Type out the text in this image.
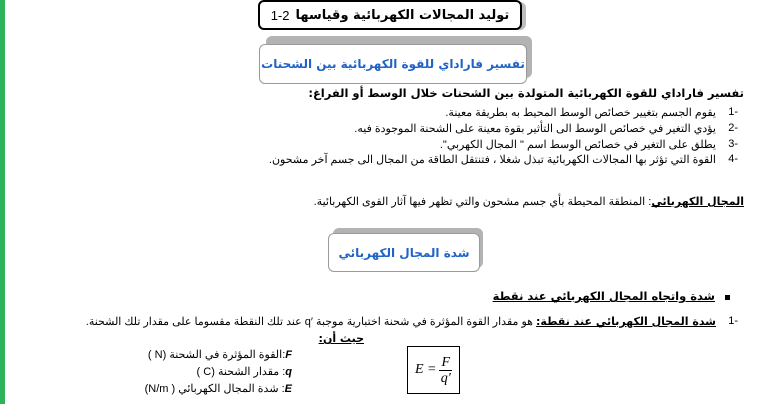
توليد المجالات الكهربائية وقياسها
1-2
تفسير فاراداي للقوة الكهربائية بين الشحنات
تفسير فاراداي للقوة الكهربائية المتولدة بين الشحنات خلال الوسط أو الفراغ:
-1
يقوم الجسم بتغيير خصائص الوسط المحيط به بطريقة معينة.
-2
يؤدي التغير في خصائص الوسط الى التأثير بقوة معينة على الشحنة الموجودة فيه.
-3
يطلق على التغير في خصائص الوسط اسم " المجال الكهربي".
-4
القوة التي تؤثر بها المجالات الكهربائية تبذل شغلا ، فتنتقل الطاقة من المجال الى جسم آخر مشحون.
المجال الكهربائي: المنطقة المحيطة بأي جسم مشحون والتي تظهر فيها آثار القوى الكهربائية.
شدة المجال الكهربائي
شدة واتجاه المجال الكهربائي عند نقطة
-1
شدة المجال الكهربائي عند نقطة: هو مقدار القوة المؤثرة في شحنة اختبارية موجبة ′q عند تلك النقطة مقسوما على مقدار تلك الشحنة.
حيث أن:
F:القوة المؤثرة في الشحنة (N )
q: مقدار الشحنة (C )
E: شدة المجال الكهربائي ( N/m)
$E = \frac{F}{q'}$
